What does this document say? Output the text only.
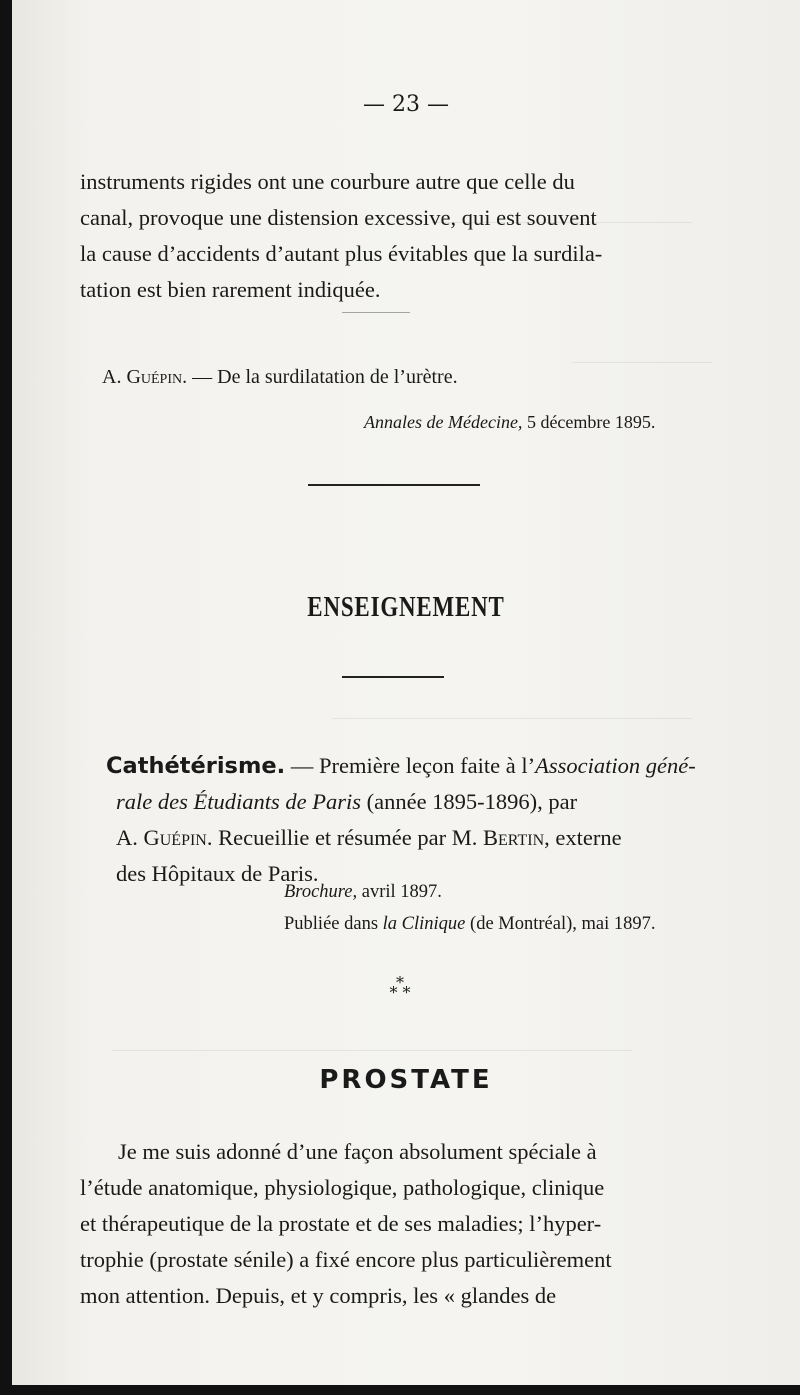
— 23 —

instruments rigides ont une courbure autre que celle du

canal, provoque une distension excessive, qui est souvent

la cause d’accidents d’autant plus évitables que la surdila-

tation est bien rarement indiquée.

A. Guépin. — De la surdilatation de l’urètre.
Annales de Médecine, 5 décembre 1895.
ENSEIGNEMENT

Cathétérisme. — Première leçon faite à l’Association géné-

rale des Étudiants de Paris (année 1895-1896), par

A. Guépin. Recueillie et résumée par M. Bertin, externe

des Hôpitaux de Paris.

Brochure, avril 1897.
Publiée dans la Clinique (de Montréal), mai 1897.
*
* *
PROSTATE

Je me suis adonné d’une façon absolument spéciale à

l’étude anatomique, physiologique, pathologique, clinique

et thérapeutique de la prostate et de ses maladies; l’hyper-

trophie (prostate sénile) a fixé encore plus particulièrement

mon attention. Depuis, et y compris, les « glandes de
